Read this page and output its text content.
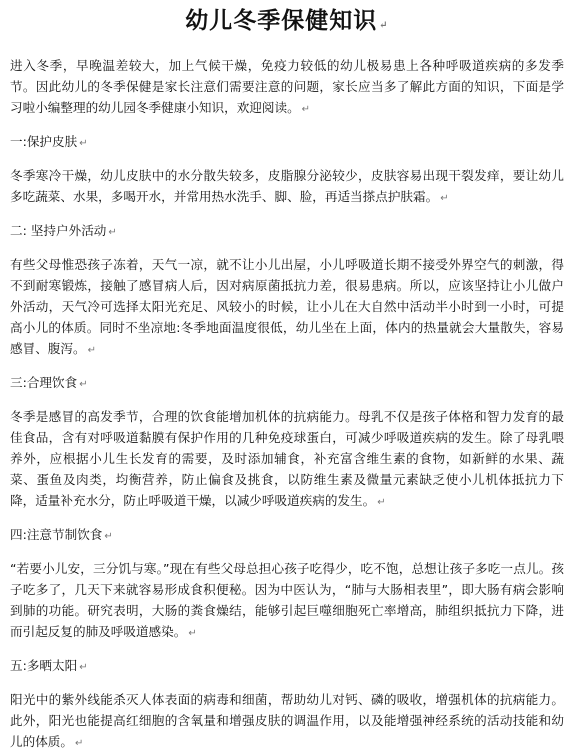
幼儿冬季保健知识 ↵
进入冬季，早晚温差较大，加上气候干燥，免疫力较低的幼儿极易患上各种呼吸道疾病的多发季节。因此幼儿的冬季保健是家长注意们需要注意的问题，家长应当多了解此方面的知识，下面是学习啦小编整理的幼儿园冬季健康小知识，欢迎阅读。 ↵
一:保护皮肤 ↵
冬季寒冷干燥，幼儿皮肤中的水分散失较多，皮脂腺分泌较少，皮肤容易出现干裂发痒，要让幼儿多吃蔬菜、水果，多喝开水，并常用热水洗手、脚、脸，再适当搽点护肤霜。 ↵
二: 坚持户外活动 ↵
有些父母惟恐孩子冻着，天气一凉，就不让小儿出屋，小儿呼吸道长期不接受外界空气的刺激，得不到耐寒锻炼，接触了感冒病人后，因对病原菌抵抗力差，很易患病。所以，应该坚持让小儿做户外活动，天气冷可选择太阳光充足、风较小的时候，让小儿在大自然中活动半小时到一小时，可提高小儿的体质。同时不坐凉地:冬季地面温度很低，幼儿坐在上面，体内的热量就会大量散失，容易感冒、腹泻。 ↵
三:合理饮食 ↵
冬季是感冒的高发季节，合理的饮食能增加机体的抗病能力。母乳不仅是孩子体格和智力发育的最佳食品，含有对呼吸道黏膜有保护作用的几种免疫球蛋白，可减少呼吸道疾病的发生。除了母乳喂养外，应根据小儿生长发育的需要，及时添加辅食，补充富含维生素的食物，如新鲜的水果、蔬菜、蛋鱼及肉类，均衡营养，防止偏食及挑食，以防维生素及微量元素缺乏使小儿机体抵抗力下降，适量补充水分，防止呼吸道干燥，以减少呼吸道疾病的发生。 ↵
四:注意节制饮食 ↵
“若要小儿安，三分饥与寒。”现在有些父母总担心孩子吃得少，吃不饱，总想让孩子多吃一点儿。孩子吃多了，几天下来就容易形成食积便秘。因为中医认为，“肺与大肠相表里”，即大肠有病会影响到肺的功能。研究表明，大肠的粪食燥结，能够引起巨噬细胞死亡率增高，肺组织抵抗力下降，进而引起反复的肺及呼吸道感染。 ↵
五:多晒太阳 ↵
阳光中的紫外线能杀灭人体表面的病毒和细菌，帮助幼儿对钙、磷的吸收，增强机体的抗病能力。此外，阳光也能提高红细胞的含氧量和增强皮肤的调温作用，以及能增强神经系统的活动技能和幼儿的体质。 ↵
